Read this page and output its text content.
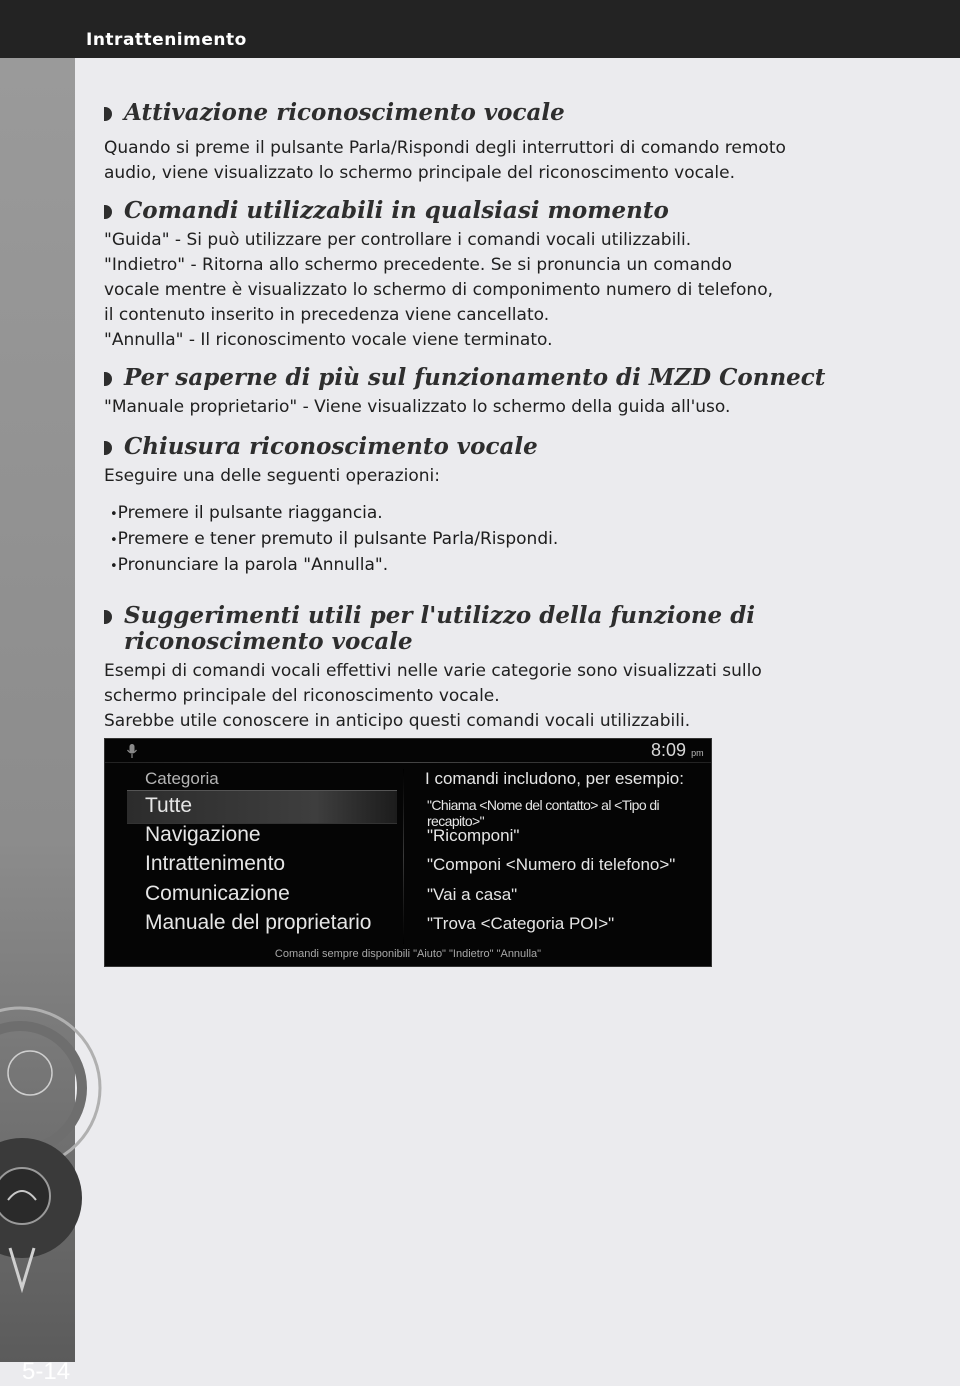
Intrattenimento
5-14
Attivazione riconoscimento vocale

Quando si preme il pulsante Parla/Rispondi degli interruttori di comando remoto

audio, viene visualizzato lo schermo principale del riconoscimento vocale.

Comandi utilizzabili in qualsiasi momento

"Guida" - Si può utilizzare per controllare i comandi vocali utilizzabili.

"Indietro" - Ritorna allo schermo precedente. Se si pronuncia un comando

vocale mentre è visualizzato lo schermo di componimento numero di telefono,

il contenuto inserito in precedenza viene cancellato.

"Annulla" - Il riconoscimento vocale viene terminato.

Per saperne di più sul funzionamento di MZD Connect

"Manuale proprietario" - Viene visualizzato lo schermo della guida all'uso.

Chiusura riconoscimento vocale

Eseguire una delle seguenti operazioni:

• Premere il pulsante riaggancia.
• Premere e tener premuto il pulsante Parla/Rispondi.
• Pronunciare la parola "Annulla".
Suggerimenti utili per l'utilizzo della funzione di
riconoscimento vocale

Esempi di comandi vocali effettivi nelle varie categorie sono visualizzati sullo

schermo principale del riconoscimento vocale.

Sarebbe utile conoscere in anticipo questi comandi vocali utilizzabili.

8:09 pm
Categoria
Tutte
Navigazione
Intrattenimento
Comunicazione
Manuale del proprietario
I comandi includono, per esempio:
"Chiama <Nome del contatto> al <Tipo di recapito>"
"Ricomponi"
"Componi <Numero di telefono>"
"Vai a casa"
"Trova <Categoria POI>"
Comandi sempre disponibili "Aiuto" "Indietro" "Annulla"
